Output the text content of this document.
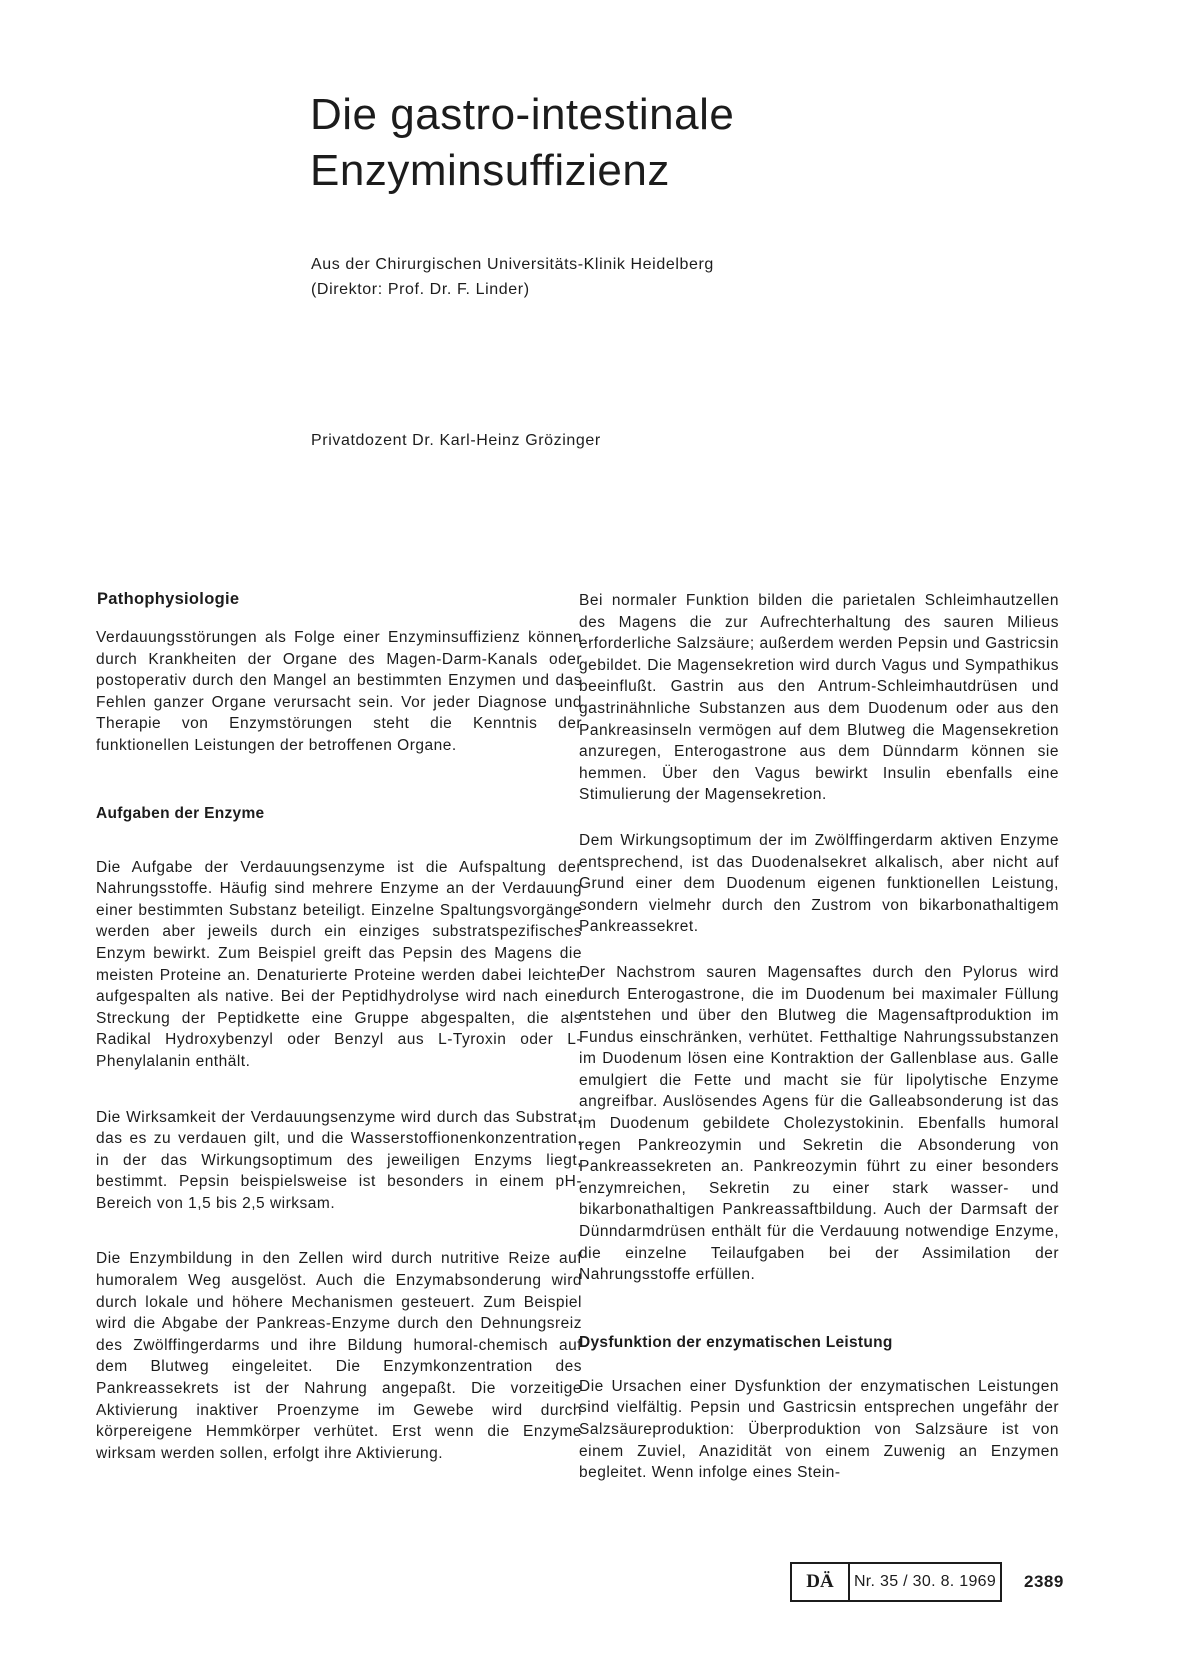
Die gastro-intestinale
Enzyminsuffizienz
Aus der Chirurgischen Universitäts-Klinik Heidelberg
(Direktor: Prof. Dr. F. Linder)
Privatdozent Dr. Karl-Heinz Grözinger
Pathophysiologie

Verdauungsstörungen als Folge einer Enzyminsuffizienz können durch Krankheiten der Organe des Magen-Darm-Kanals oder postoperativ durch den Mangel an bestimmten Enzymen und das Fehlen ganzer Organe verursacht sein. Vor jeder Diagnose und Therapie von Enzymstörungen steht die Kenntnis der funktionellen Leistungen der betroffenen Organe.

Aufgaben der Enzyme

Die Aufgabe der Verdauungsenzyme ist die Aufspaltung der Nahrungsstoffe. Häufig sind mehrere Enzyme an der Verdauung einer bestimmten Substanz beteiligt. Einzelne Spaltungsvorgänge werden aber jeweils durch ein einziges substratspezifisches Enzym bewirkt. Zum Beispiel greift das Pepsin des Magens die meisten Proteine an. Denaturierte Proteine werden dabei leichter aufgespalten als native. Bei der Peptidhydrolyse wird nach einer Streckung der Peptidkette eine Gruppe abgespalten, die als Radikal Hydroxybenzyl oder Benzyl aus L-Tyroxin oder L-Phenylalanin enthält.

Die Wirksamkeit der Verdauungsenzyme wird durch das Substrat, das es zu verdauen gilt, und die Wasserstoffionenkonzentration, in der das Wirkungsoptimum des jeweiligen Enzyms liegt, bestimmt. Pepsin beispielsweise ist besonders in einem pH-Bereich von 1,5 bis 2,5 wirksam.

Die Enzymbildung in den Zellen wird durch nutritive Reize auf humoralem Weg ausgelöst. Auch die Enzymabsonderung wird durch lokale und höhere Mechanismen gesteuert. Zum Beispiel wird die Abgabe der Pankreas-Enzyme durch den Dehnungsreiz des Zwölffingerdarms und ihre Bildung humoral-chemisch auf dem Blutweg eingeleitet. Die Enzymkonzentration des Pankreassekrets ist der Nahrung angepaßt. Die vorzeitige Aktivierung inaktiver Proenzyme im Gewebe wird durch körpereigene Hemmkörper verhütet. Erst wenn die Enzyme wirksam werden sollen, erfolgt ihre Aktivierung.

Bei normaler Funktion bilden die parietalen Schleimhautzellen des Magens die zur Aufrechterhaltung des sauren Milieus erforderliche Salzsäure; außerdem werden Pepsin und Gastricsin gebildet. Die Magensekretion wird durch Vagus und Sympathikus beeinflußt. Gastrin aus den Antrum-Schleimhautdrüsen und gastrinähnliche Substanzen aus dem Duodenum oder aus den Pankreasinseln vermögen auf dem Blutweg die Magensekretion anzuregen, Enterogastrone aus dem Dünndarm können sie hemmen. Über den Vagus bewirkt Insulin ebenfalls eine Stimulierung der Magensekretion.

Dem Wirkungsoptimum der im Zwölffingerdarm aktiven Enzyme entsprechend, ist das Duodenalsekret alkalisch, aber nicht auf Grund einer dem Duodenum eigenen funktionellen Leistung, sondern vielmehr durch den Zustrom von bikarbonathaltigem Pankreassekret.

Der Nachstrom sauren Magensaftes durch den Pylorus wird durch Enterogastrone, die im Duodenum bei maximaler Füllung entstehen und über den Blutweg die Magensaftproduktion im Fundus einschränken, verhütet. Fetthaltige Nahrungssubstanzen im Duodenum lösen eine Kontraktion der Gallenblase aus. Galle emulgiert die Fette und macht sie für lipolytische Enzyme angreifbar. Auslösendes Agens für die Galleabsonderung ist das im Duodenum gebildete Cholezystokinin. Ebenfalls humoral regen Pankreozymin und Sekretin die Absonderung von Pankreassekreten an. Pankreozymin führt zu einer besonders enzymreichen, Sekretin zu einer stark wasser- und bikarbonathaltigen Pankreassaftbildung. Auch der Darmsaft der Dünndarmdrüsen enthält für die Verdauung notwendige Enzyme, die einzelne Teilaufgaben bei der Assimilation der Nahrungsstoffe erfüllen.

Dysfunktion der enzymatischen Leistung

Die Ursachen einer Dysfunktion der enzymatischen Leistungen sind vielfältig. Pepsin und Gastricsin entsprechen ungefähr der Salzsäureproduktion: Überproduktion von Salzsäure ist von einem Zuviel, Anazidität von einem Zuwenig an Enzymen begleitet. Wenn infolge eines Stein-

DÄ	Nr. 35 / 30. 8. 1969 2389
